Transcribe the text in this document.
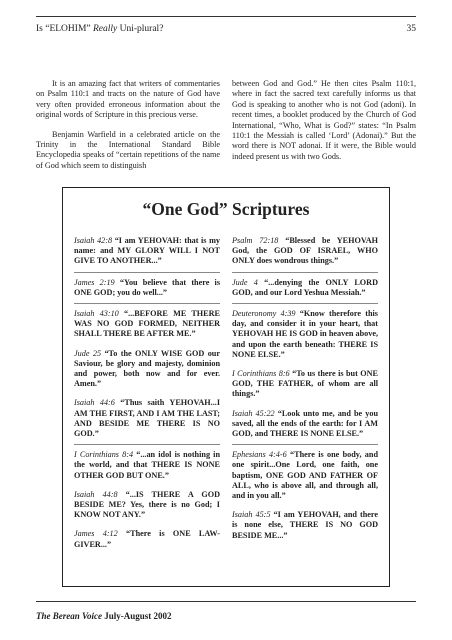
Is “ELOHIM” Really Uni-plural?	35

It is an amazing fact that writers of commentaries on Psalm 110:1 and tracts on the nature of God have very often provided erroneous information about the original words of Scripture in this precious verse.

Benjamin Warfield in a celebrated article on the Trinity in the International Standard Bible Encyclopedia speaks of “certain repetitions of the name of God which seem to distinguish

between God and God.” He then cites Psalm 110:1, where in fact the sacred text carefully informs us that God is speaking to another who is not God (adoni). In recent times, a booklet produced by the Church of God International, “Who, What is God?” states: “In Psalm 110:1 the Messiah is called ‘Lord’ (Adonai).” But the word there is NOT adonai. If it were, the Bible would indeed present us with two Gods.

“One God” Scriptures
Isaiah 42:8 “I am YEHOVAH: that is my name: and MY GLORY WILL I NOT GIVE TO ANOTHER...”
James 2:19 “You believe that there is ONE GOD; you do well...”
Isaiah 43:10 “...BEFORE ME THERE WAS NO GOD FORMED, NEITHER SHALL THERE BE AFTER ME.”
Jude 25 “To the ONLY WISE GOD our Saviour, be glory and majesty, dominion and power, both now and for ever. Amen.”
Isaiah 44:6 “Thus saith YEHOVAH...I AM THE FIRST, AND I AM THE LAST; AND BESIDE ME THERE IS NO GOD.”
I Corinthians 8:4 “...an idol is nothing in the world, and that THERE IS NONE OTHER GOD BUT ONE.”
Isaiah 44:8 “...IS THERE A GOD BESIDE ME? Yes, there is no God; I KNOW NOT ANY.”
James 4:12 “There is ONE LAW-GIVER...”
Psalm 72:18 “Blessed be YEHOVAH God, the GOD OF ISRAEL, WHO ONLY does wondrous things.”
Jude 4 “...denying the ONLY LORD GOD, and our Lord Yeshua Messiah.”
Deuteronomy 4:39 “Know therefore this day, and consider it in your heart, that YEHOVAH HE IS GOD in heaven above, and upon the earth beneath: THERE IS NONE ELSE.”
I Corinthians 8:6 “To us there is but ONE GOD, THE FATHER, of whom are all things.”
Isaiah 45:22 “Look unto me, and be you saved, all the ends of the earth: for I AM GOD, and THERE IS NONE ELSE.”
Ephesians 4:4-6 “There is one body, and one spirit...One Lord, one faith, one baptism, ONE GOD AND FATHER OF ALL, who is above all, and through all, and in you all.”
Isaiah 45:5 “I am YEHOVAH, and there is none else, THERE IS NO GOD BESIDE ME...”
The Berean Voice July-August 2002
